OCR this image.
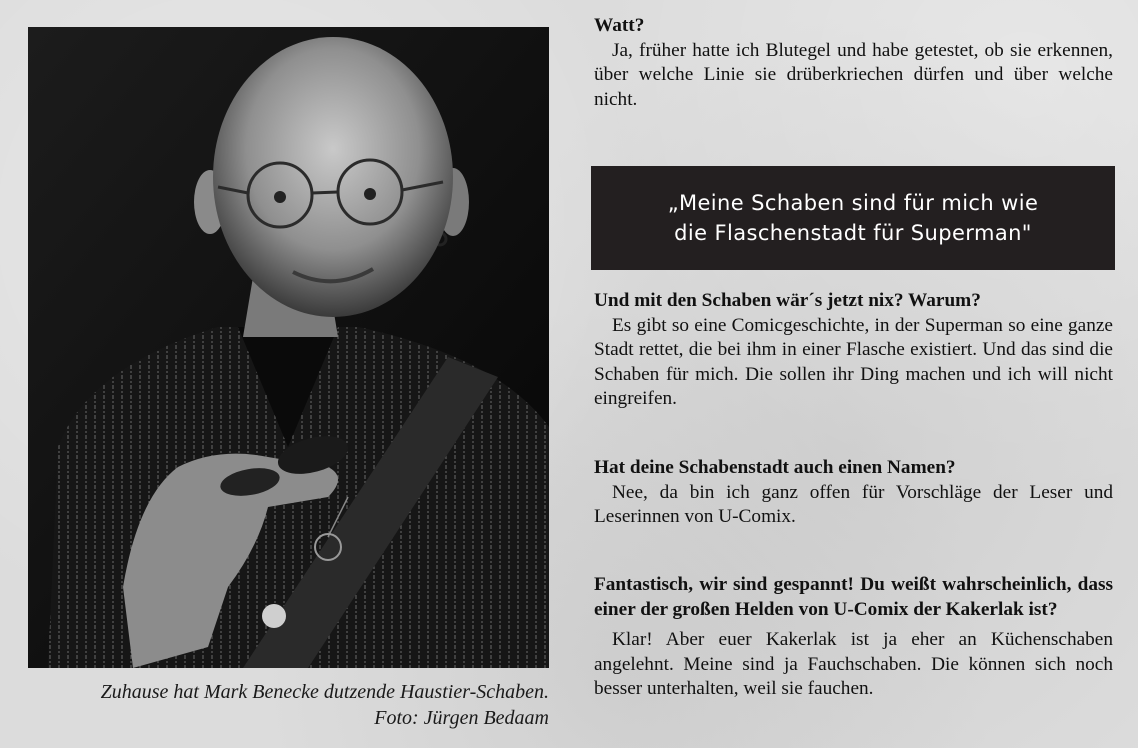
Zuhause hat Mark Benecke dutzende Haustier-Schaben.
Foto: Jürgen Bedaam
Watt?
Ja, früher hatte ich Blutegel und habe getestet, ob sie erkennen, über welche Linie sie drüberkriechen dürfen und über welche nicht.
„Meine Schaben sind für mich wie
die Flaschenstadt für Superman"
Und mit den Schaben wär´s jetzt nix? Warum?
Es gibt so eine Comicgeschichte, in der Superman so eine ganze Stadt rettet, die bei ihm in einer Flasche existiert. Und das sind die Schaben für mich. Die sollen ihr Ding machen und ich will nicht eingreifen.
Hat deine Schabenstadt auch einen Namen?
Nee, da bin ich ganz offen für Vorschläge der Leser und Leserinnen von U-Comix.
Fantastisch, wir sind gespannt! Du weißt wahrscheinlich, dass einer der großen Helden von U-Comix der Kakerlak ist?
Klar! Aber euer Kakerlak ist ja eher an Küchenschaben angelehnt. Meine sind ja Fauchschaben. Die können sich noch besser unterhalten, weil sie fauchen.
